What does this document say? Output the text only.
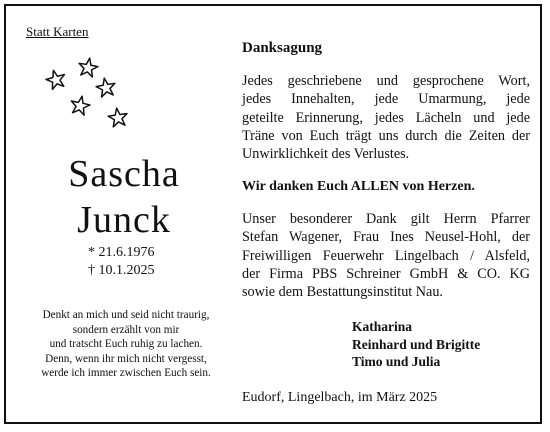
Statt Karten
Sascha
Junck
* 21.6.1976
† 10.1.2025
Denkt an mich und seid nicht traurig,
sondern erzählt von mir
und tratscht Euch ruhig zu lachen.
Denn, wenn ihr mich nicht vergesst,
werde ich immer zwischen Euch sein.
Danksagung
Jedes geschriebene und gesprochene Wort,
jedes Innehalten, jede Umarmung, jede
geteilte Erinnerung, jedes Lächeln und jede
Träne von Euch trägt uns durch die Zeiten der
Unwirklichkeit des Verlustes.
Wir danken Euch ALLEN von Herzen.
Unser besonderer Dank gilt Herrn Pfarrer
Stefan Wagener, Frau Ines Neusel-Hohl, der
Freiwilligen Feuerwehr Lingelbach / Alsfeld,
der Firma PBS Schreiner GmbH & CO. KG
sowie dem Bestattungsinstitut Nau.
Katharina
Reinhard und Brigitte
Timo und Julia
Eudorf, Lingelbach, im März 2025
